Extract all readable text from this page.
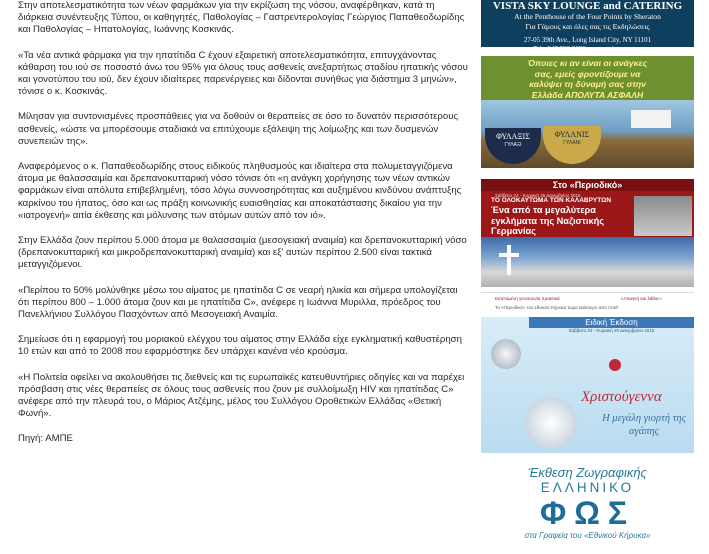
Στην αποτελεσματικότητα των νέων φαρμάκων για την εκρίζωση της νόσου, αναφέρθηκαν, κατά τη διάρκεια συνέντευξης Τύπου, οι καθηγητές, Παθολογίας – Γαστρεντερολογίας Γεώργιος Παπαθεοδωρίδης και Παθολογίας – Ηπατολογίας, Ιωάννης Κοσκινάς.

«Τα νέα αντικά φάρμακα για την ηπατίτιδα C έχουν εξαιρετική αποτελεσματικότητα, επιτυγχάνοντας κάθαρση του ιού σε ποσοστό άνω του 95% για όλους τους ασθενείς ανεξαρτήτως σταδίου ηπατικής νόσου και γονοτύπου του ιού, δεν έχουν ιδιαίτερες παρενέργειες και δίδονται συνήθως για διάστημα 3 μηνών», τόνισε ο κ. Κοσκινάς.

Μίλησαν για συντονισμένες προσπάθειες για να δοθούν οι θεραπείες σε όσο το δυνατόν περισσότερους ασθενείς, «ώστε να μπορέσουμε σταδιακά να επιτύχουμε εξάλειψη της λοίμωξης και των δυσμενών συνεπειών της».

Αναφερόμενος ο κ. Παπαθεοδωρίδης στους ειδικούς πληθυσμούς και ιδιαίτερα στα πολυμεταγγιζόμενα άτομα με θαλασσαιμία και δρεπανοκυτταρική νόσο τόνισε ότι «η ανάγκη χορήγησης των νέων αντικών φαρμάκων είναι απόλυτα επιβεβλημένη, τόσο λόγω συννοσηρότητας και αυξημένου κινδύνου ανάπτυξης καρκίνου του ήπατος, όσο και ως πράξη κοινωνικής ευαισθησίας και αποκατάστασης δικαίου για την «ιατρογενή» αιτία έκθεσης και μόλυνσης των ατόμων αυτών από τον ιό».

Στην Ελλάδα ζουν περίπου 5.000 άτομα με θαλασσαιμία (μεσογειακή αναιμία) και δρεπανοκυτταρική νόσο (δρεπανοκυτταρική και μικροδρεπανοκυτταρική αναιμία) και εξ' αυτών περίπου 2.500 είναι τακτικά μεταγγιζόμενοι.

«Περίπου το 50% μολύνθηκε μέσω του αίματος με ηπατίτιδα C σε νεαρή ηλικία και σήμερα υπολογίζεται ότι περίπου 800 – 1.000 άτομα ζουν και με ηπατίτιδα C», ανέφερε η Ιωάννα Μυριλλα, πρόεδρος του Πανελλήνιου Συλλόγου Πασχόντων από Μεσογειακή Αναιμία.

Σημείωσε ότι η εφαρμογή του μοριακού ελέγχου του αίματος στην Ελλάδα είχε εγκληματική καθυστέρηση 10 ετών και από το 2008 που εφαρμόστηκε δεν υπάρχει κανένα νέο κρούσμα.

«Η Πολιτεία οφείλει να ακολουθήσει τις διεθνείς και τις ευρωπαϊκές κατευθυντήριες οδηγίες και να παρέχει πρόσβαση στις νέες θεραπείες σε όλους τους ασθενείς που ζουν με συλλοίμωξη HIV και ηπατίτιδας C» ανέφερε από την πλευρά του, ο Μάριος Ατζέμης, μέλος του Συλλόγου Οροθετικών Ελλάδας «Θετική Φωνή».

Πηγή: ΑΜΠΕ

VISTA SKY LOUNGE and CATERING
At the Penthouse of the Four Points by Sheraton
Για Γάμους και όλες σας τις Εκδηλώσεις
27-05 39th Ave., Long Island City, NY 11101
Tel.: 347.536.3686 • www.vistany.com
Όποιες κι αν είναι οι ανάγκες
σας, εμείς φροντίζουμε να
καλύψει τη δύναμή σας στην
Ελλάδα ΑΠΟΛΥΤΑ ΑΣΦΑΛΗ
ΦΥΛΑΞΙΣ
ΓΥΛΑΞΙ
ΦΥΛΑΝΙΣ
ΓΥΛΑΝΙ
Στο «Περιοδικό»
Σάββατο 24 - Κυριακή 25 Δεκεμβρίου 2016
ΤΟ ΟΛΟΚΑΥΤΩΜΑ ΤΩΝ ΚΑΛΑΒΡΥΤΩΝ
Ένα από τα μεγαλύτερα εγκλήματα της Ναζιστικής Γερμανίας
Εκτεταμένη γενοκτονία πρακτικά	«Απαγκή και λάθος»
Το «Περιοδικό» του εθνικού Κήρυκα τώρα καλύτερο από ποτέ!
Ειδική Έκδοση
Σάββατο 24 - Κυριακή 25 Δεκεμβρίου 2016
Χριστούγεννα
Η μεγάλη γιορτή της αγάπης
Έκθεση Ζωγραφικής
ΕΛΛΗΝΙΚΟ
ΦΩΣ
στα Γραφεία του «Εθνικού Κήρυκα»
